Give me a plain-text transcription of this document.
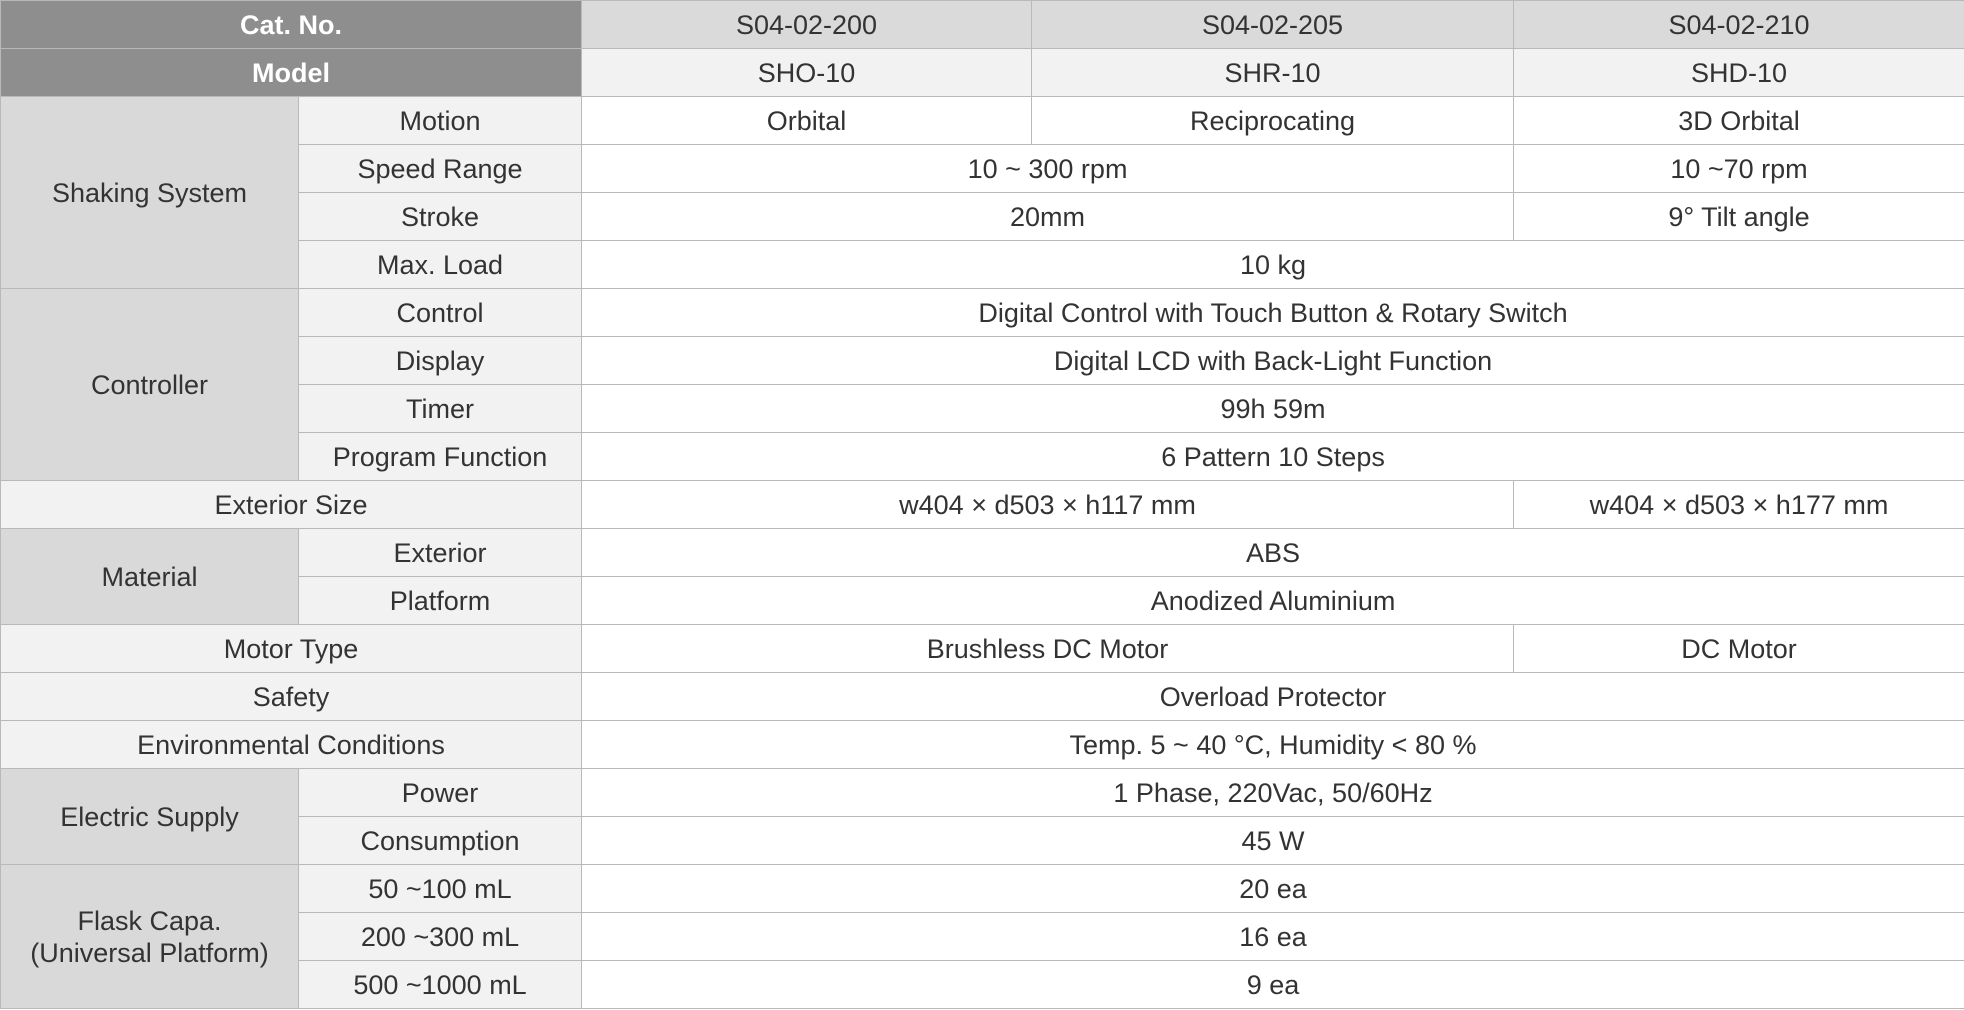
Cat. No.		S04-02-200	S04-02-205	S04-02-210
Model		SHO-10	SHR-10	SHD-10
Shaking System	Motion	Orbital	Reciprocating	3D Orbital
	Speed Range	10 ~ 300 rpm		10 ~70 rpm
	Stroke	20mm		9° Tilt angle
	Max. Load	10 kg		
Controller	Control	Digital Control with Touch Button & Rotary Switch		
	Display	Digital LCD with Back-Light Function		
	Timer	99h 59m		
	Program Function	6 Pattern 10 Steps		
Exterior Size		w404 × d503 × h117 mm		w404 × d503 × h177 mm
Material	Exterior	ABS		
	Platform	Anodized Aluminium		
Motor Type		Brushless DC Motor		DC Motor
Safety		Overload Protector		
Environmental Conditions		Temp. 5 ~ 40 °C, Humidity < 80 %		
Electric Supply	Power	1 Phase, 220Vac, 50/60Hz		
	Consumption	45 W		

Flask Capa.
(Universal Platform)	50 ~100 mL	20 ea		
	200 ~300 mL	16 ea		
	500 ~1000 mL	9 ea		
